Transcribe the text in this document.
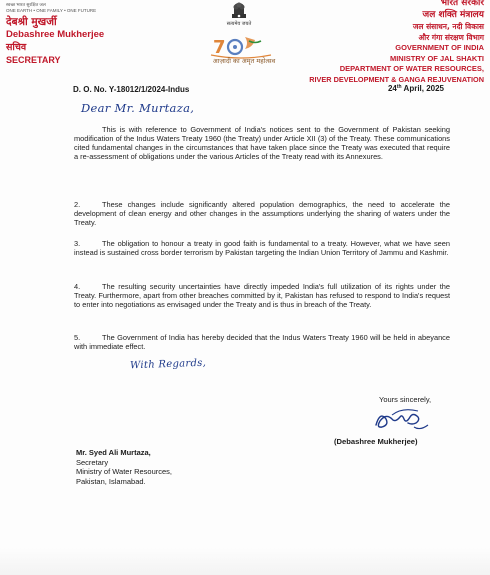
स्वच्छ भारत सुरक्षित जल
ONE EARTH • ONE FAMILY • ONE FUTURE
देबश्री मुखर्जी
Debashree Mukherjee
सचिव
SECRETARY
सत्यमेव जयते
7
आज़ादी का अमृत महोत्सव
भारत सरकार
जल शक्ति मंत्रालय
जल संसाधन, नदी विकास
और गंगा संरक्षण विभाग
GOVERNMENT OF INDIA
MINISTRY OF JAL SHAKTI
DEPARTMENT OF WATER RESOURCES,
RIVER DEVELOPMENT & GANGA REJUVENATION
D. O. No. Y-18012/1/2024-Indus	24th April, 2025
Dear Mr. Murtaza,
This is with reference to Government of India's notices sent to the Government of Pakistan seeking modification of the Indus Waters Treaty 1960 (the Treaty) under Article XII (3) of the Treaty. These communications cited fundamental changes in the circumstances that have taken place since the Treaty was executed that require a re-assessment of obligations under the various Articles of the Treaty read with its Annexures.
2.	These changes include significantly altered population demographics, the need to accelerate the development of clean energy and other changes in the assumptions underlying the sharing of waters under the Treaty.
3.	The obligation to honour a treaty in good faith is fundamental to a treaty. However, what we have seen instead is sustained cross border terrorism by Pakistan targeting the Indian Union Territory of Jammu and Kashmir.
4.	The resulting security uncertainties have directly impeded India's full utilization of its rights under the Treaty. Furthermore, apart from other breaches committed by it, Pakistan has refused to respond to India's request to enter into negotiations as envisaged under the Treaty and is thus in breach of the Treaty.
5.	The Government of India has hereby decided that the Indus Waters Treaty 1960 will be held in abeyance with immediate effect.
With Regards,
Yours sincerely,
(Debashree Mukherjee)
Mr. Syed Ali Murtaza,
Secretary
Ministry of Water Resources,
Pakistan, Islamabad.
